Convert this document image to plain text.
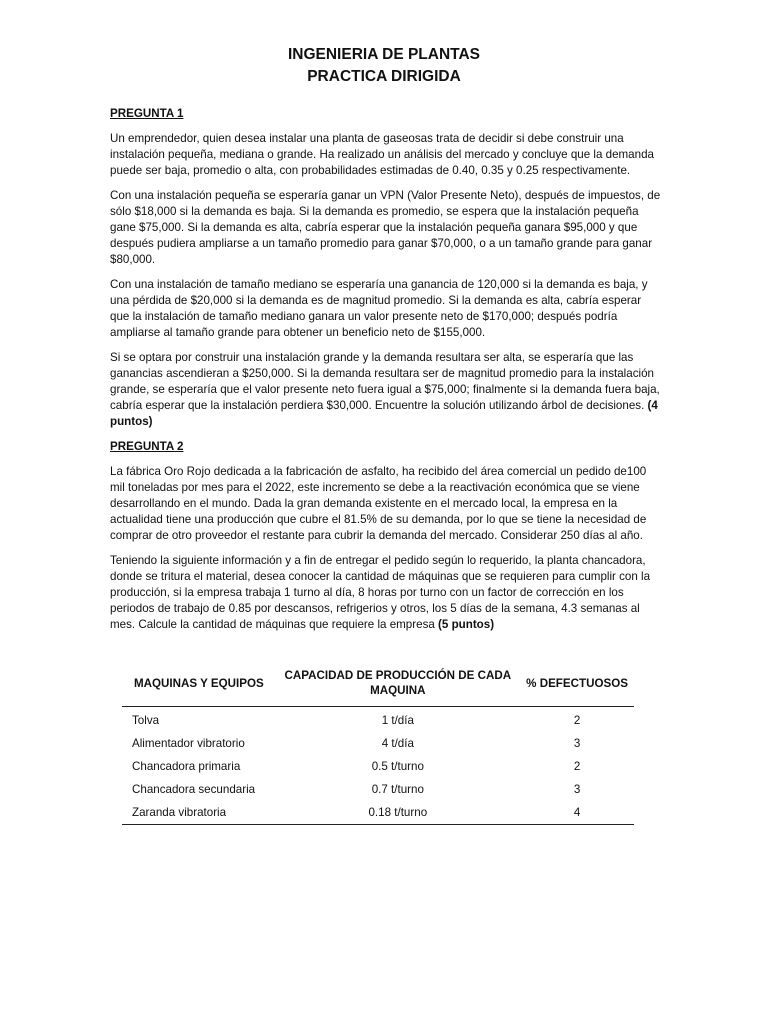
INGENIERIA DE PLANTAS
PRACTICA DIRIGIDA

PREGUNTA 1

Un emprendedor, quien desea instalar una planta de gaseosas trata de decidir si debe construir una instalación pequeña, mediana o grande. Ha realizado un análisis del mercado y concluye que la demanda puede ser baja, promedio o alta, con probabilidades estimadas de 0.40, 0.35 y 0.25 respectivamente.

Con una instalación pequeña se esperaría ganar un VPN (Valor Presente Neto), después de impuestos, de sólo $18,000 si la demanda es baja. Si la demanda es promedio, se espera que la instalación pequeña gane $75,000. Si la demanda es alta, cabría esperar que la instalación pequeña ganara $95,000 y que después pudiera ampliarse a un tamaño promedio para ganar $70,000, o a un tamaño grande para ganar $80,000.

Con una instalación de tamaño mediano se esperaría una ganancia de 120,000 si la demanda es baja, y una pérdida de $20,000 si la demanda es de magnitud promedio. Si la demanda es alta, cabría esperar que la instalación de tamaño mediano ganara un valor presente neto de $170,000; después podría ampliarse al tamaño grande para obtener un beneficio neto de $155,000.

Si se optara por construir una instalación grande y la demanda resultara ser alta, se esperaría que las ganancias ascendieran a $250,000. Si la demanda resultara ser de magnitud promedio para la instalación grande, se esperaría que el valor presente neto fuera igual a $75,000; finalmente si la demanda fuera baja, cabría esperar que la instalación perdiera $30,000. Encuentre la solución utilizando árbol de decisiones. (4 puntos)

PREGUNTA 2

La fábrica Oro Rojo dedicada a la fabricación de asfalto, ha recibido del área comercial un pedido de100 mil toneladas por mes para el 2022, este incremento se debe a la reactivación económica que se viene desarrollando en el mundo. Dada la gran demanda existente en el mercado local, la empresa en la actualidad tiene una producción que cubre el 81.5% de su demanda, por lo que se tiene la necesidad de comprar de otro proveedor el restante para cubrir la demanda del mercado. Considerar 250 días al año.

Teniendo la siguiente información y a fin de entregar el pedido según lo requerido, la planta chancadora, donde se tritura el material, desea conocer la cantidad de máquinas que se requieren para cumplir con la producción, si la empresa trabaja 1 turno al día, 8 horas por turno con un factor de corrección en los periodos de trabajo de 0.85 por descansos, refrigerios y otros, los 5 días de la semana, 4.3 semanas al mes. Calcule la cantidad de máquinas que requiere la empresa (5 puntos)

MAQUINAS Y EQUIPOS	CAPACIDAD DE PRODUCCIÓN DE CADA MAQUINA	% DEFECTUOSOS
Tolva	1 t/día	2
Alimentador vibratorio	4 t/día	3
Chancadora primaria	0.5 t/turno	2
Chancadora secundaria	0.7 t/turno	3
Zaranda vibratoria	0.18 t/turno	4
